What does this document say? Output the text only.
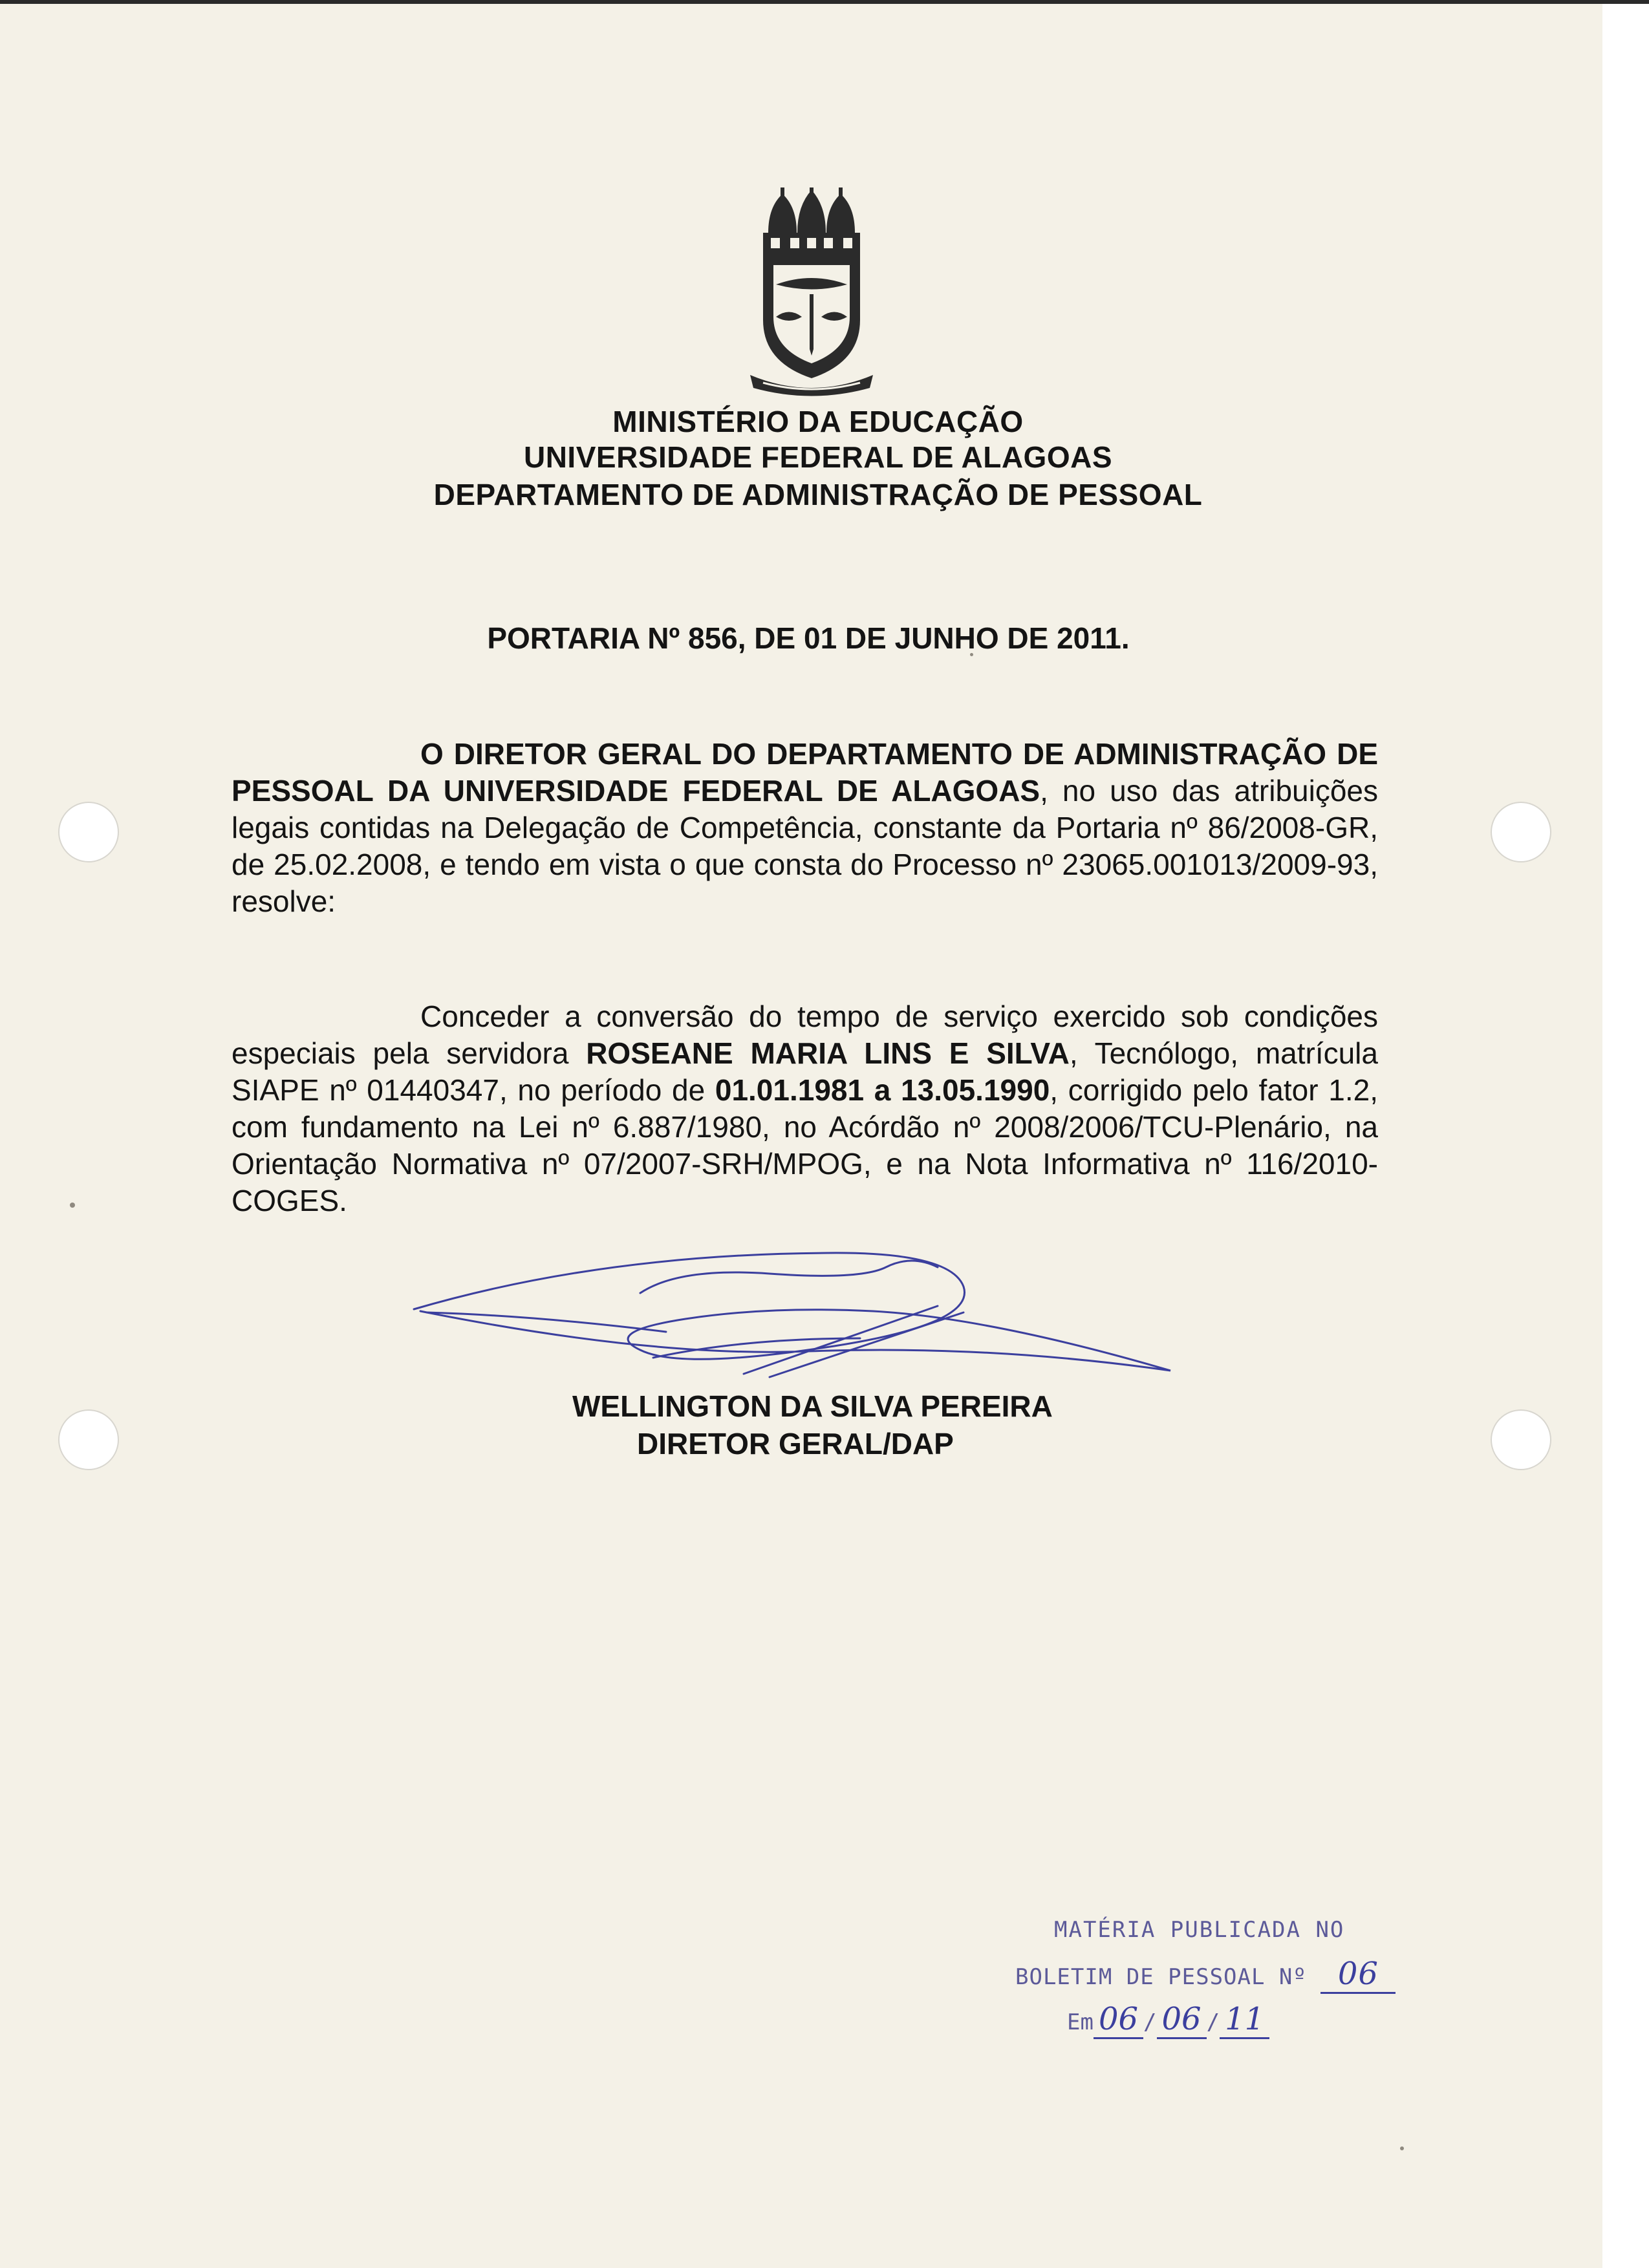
MINISTÉRIO DA EDUCAÇÃO
UNIVERSIDADE FEDERAL DE ALAGOAS
DEPARTAMENTO DE ADMINISTRAÇÃO DE PESSOAL
PORTARIA Nº 856, DE 01 DE JUNHO DE 2011.

O DIRETOR GERAL DO DEPARTAMENTO DE ADMINISTRAÇÃO DE PESSOAL DA UNIVERSIDADE FEDERAL DE ALAGOAS, no uso das atribuições legais contidas na Delegação de Competência, constante da Portaria nº 86/2008-GR, de 25.02.2008, e tendo em vista o que consta do Processo nº 23065.001013/2009-93, resolve:

Conceder a conversão do tempo de serviço exercido sob condições especiais pela servidora ROSEANE MARIA LINS E SILVA, Tecnólogo, matrícula SIAPE nº 01440347, no período de 01.01.1981 a 13.05.1990, corrigido pelo fator 1.2, com fundamento na Lei nº 6.887/1980, no Acórdão nº 2008/2006/TCU-Plenário, na Orientação Normativa nº 07/2007-SRH/MPOG, e na Nota Informativa nº 116/2010-COGES.

WELLINGTON DA SILVA PEREIRA
DIRETOR GERAL/DAP
MATÉRIA PUBLICADA NO
BOLETIM DE PESSOAL Nº 06
Em 06 / 06 / 11
